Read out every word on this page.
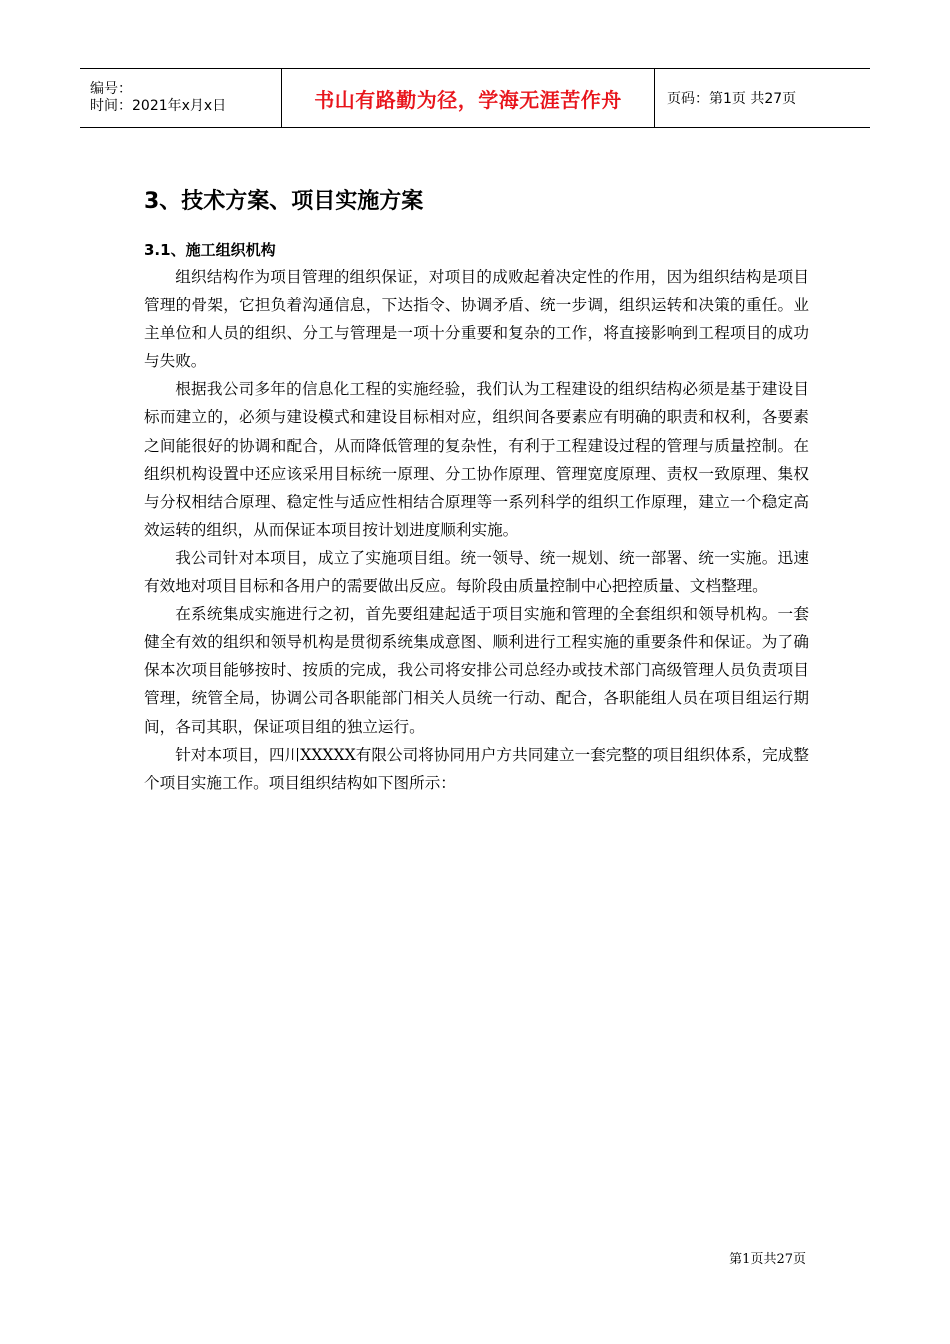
编号：
时间：2021年x月x日	书山有路勤为径，学海无涯苦作舟	页码：第1页 共27页
3、技术方案、项目实施方案
3.1、施工组织机构

组织结构作为项目管理的组织保证，对项目的成败起着决定性的作用，因为组织结构是项目管理的骨架，它担负着沟通信息，下达指令、协调矛盾、统一步调，组织运转和决策的重任。业主单位和人员的组织、分工与管理是一项十分重要和复杂的工作，将直接影响到工程项目的成功与失败。

根据我公司多年的信息化工程的实施经验，我们认为工程建设的组织结构必须是基于建设目标而建立的，必须与建设模式和建设目标相对应，组织间各要素应有明确的职责和权利，各要素之间能很好的协调和配合，从而降低管理的复杂性，有利于工程建设过程的管理与质量控制。在组织机构设置中还应该采用目标统一原理、分工协作原理、管理宽度原理、责权一致原理、集权与分权相结合原理、稳定性与适应性相结合原理等一系列科学的组织工作原理，建立一个稳定高效运转的组织，从而保证本项目按计划进度顺利实施。

我公司针对本项目，成立了实施项目组。统一领导、统一规划、统一部署、统一实施。迅速有效地对项目目标和各用户的需要做出反应。每阶段由质量控制中心把控质量、文档整理。

在系统集成实施进行之初，首先要组建起适于项目实施和管理的全套组织和领导机构。一套健全有效的组织和领导机构是贯彻系统集成意图、顺利进行工程实施的重要条件和保证。为了确保本次项目能够按时、按质的完成，我公司将安排公司总经办或技术部门高级管理人员负责项目管理，统管全局，协调公司各职能部门相关人员统一行动、配合，各职能组人员在项目组运行期间，各司其职，保证项目组的独立运行。

针对本项目，四川XXXXX有限公司将协同用户方共同建立一套完整的项目组织体系，完成整个项目实施工作。项目组织结构如下图所示：

第1页共27页
